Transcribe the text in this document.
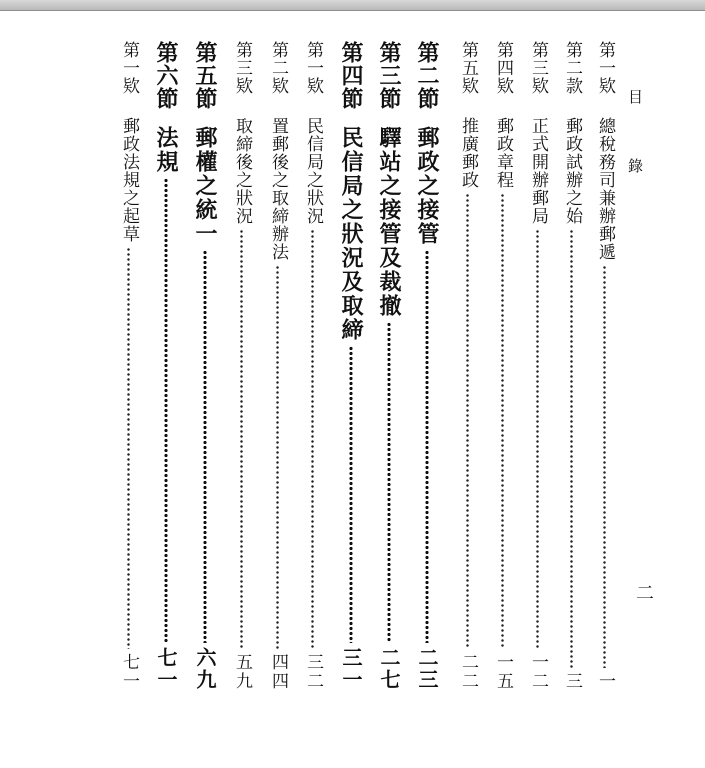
目 錄
二
第一欵
總稅務司兼辦郵遞
一
第二款
郵政試辦之始
三
第三欵
正式開辦郵局
一二
第四欵
郵政章程
一五
第五欵
推廣郵政
二二
第二節
郵政之接管
二三
第三節
驛站之接管及裁撤
二七
第四節
民信局之狀況及取締
三一
第一欵
民信局之狀況
三二
第二欵
置郵後之取締辦法
四四
第三欵
取締後之狀況
五九
第五節
郵權之統一
六九
第六節
法規
七一
第一欵
郵政法規之起草
七一
